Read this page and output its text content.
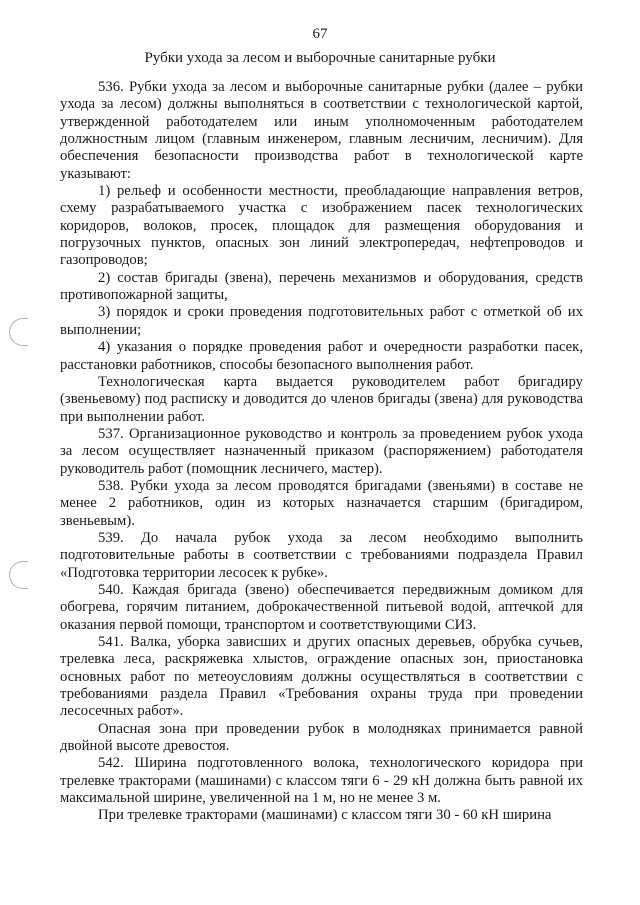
67
Рубки ухода за лесом и выборочные санитарные рубки

536. Рубки ухода за лесом и выборочные санитарные рубки (далее – рубки ухода за лесом) должны выполняться в соответствии с технологической картой, утвержденной работодателем или иным уполномоченным работодателем должностным лицом (главным инженером, главным лесничим, лесничим). Для обеспечения безопасности производства работ в технологической карте указывают:

1) рельеф и особенности местности, преобладающие направления ветров, схему разрабатываемого участка с изображением пасек технологических коридоров, волоков, просек, площадок для размещения оборудования и погрузочных пунктов, опасных зон линий электропередач, нефтепроводов и газопроводов;

2) состав бригады (звена), перечень механизмов и оборудования, средств противопожарной защиты,

3) порядок и сроки проведения подготовительных работ с отметкой об их выполнении;

4) указания о порядке проведения работ и очередности разработки пасек, расстановки работников, способы безопасного выполнения работ.

Технологическая карта выдается руководителем работ бригадиру (звеньевому) под расписку и доводится до членов бригады (звена) для руководства при выполнении работ.

537. Организационное руководство и контроль за проведением рубок ухода за лесом осуществляет назначенный приказом (распоряжением) работодателя руководитель работ (помощник лесничего, мастер).

538. Рубки ухода за лесом проводятся бригадами (звеньями) в составе не менее 2 работников, один из которых назначается старшим (бригадиром, звеньевым).

539. До начала рубок ухода за лесом необходимо выполнить подготовительные работы в соответствии с требованиями подраздела Правил «Подготовка территории лесосек к рубке».

540. Каждая бригада (звено) обеспечивается передвижным домиком для обогрева, горячим питанием, доброкачественной питьевой водой, аптечкой для оказания первой помощи, транспортом и соответствующими СИЗ.

541. Валка, уборка зависших и других опасных деревьев, обрубка сучьев, трелевка леса, раскряжевка хлыстов, ограждение опасных зон, приостановка основных работ по метеоусловиям должны осуществляться в соответствии с требованиями раздела Правил «Требования охраны труда при проведении лесосечных работ».

Опасная зона при проведении рубок в молодняках принимается равной двойной высоте древостоя.

542. Ширина подготовленного волока, технологического коридора при трелевке тракторами (машинами) с классом тяги 6 - 29 кН должна быть равной их максимальной ширине, увеличенной на 1 м, но не менее 3 м.

При трелевке тракторами (машинами) с классом тяги 30 - 60 кН ширина
